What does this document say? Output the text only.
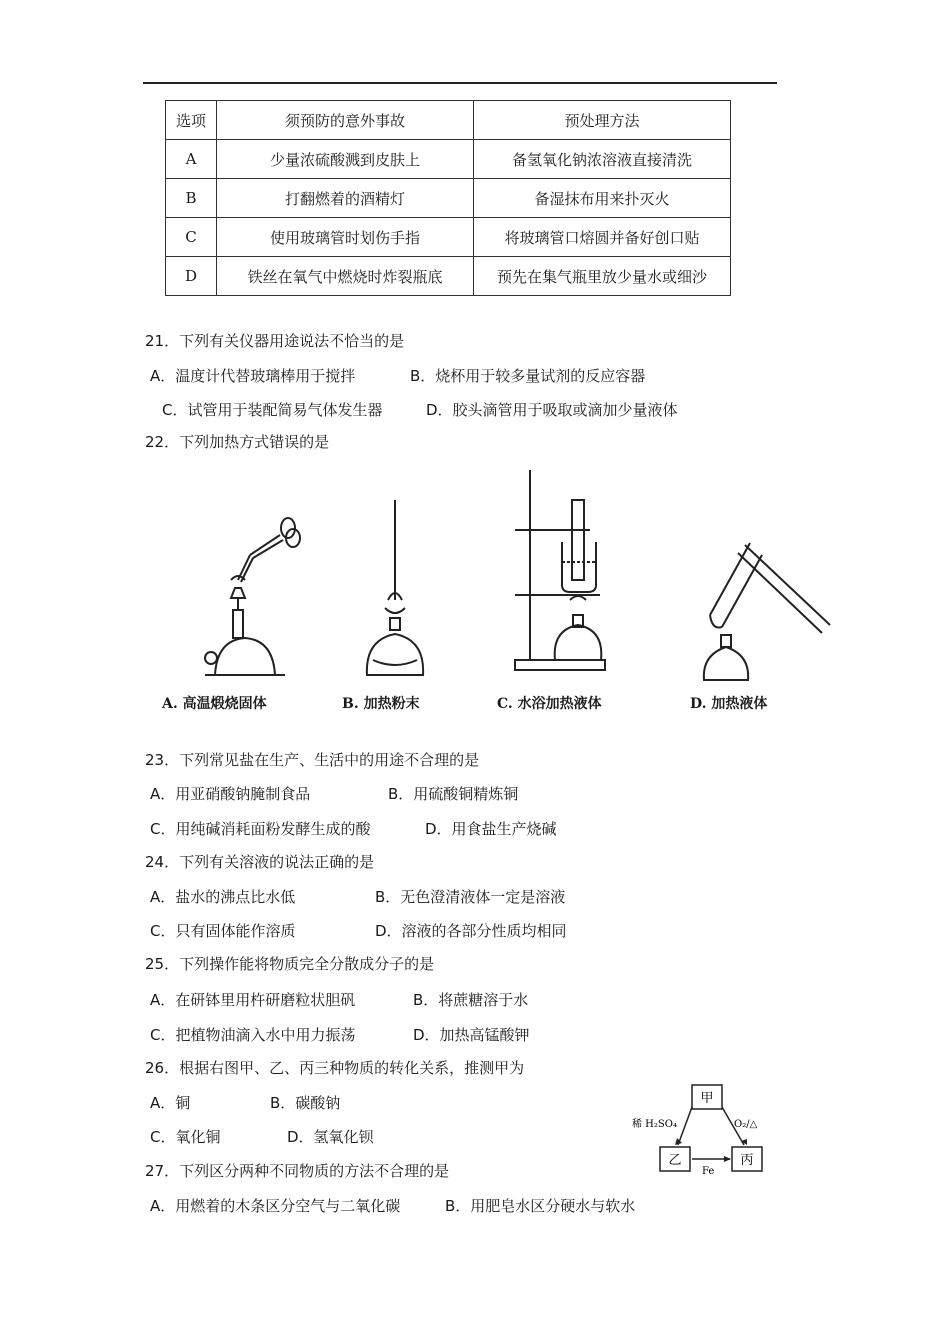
选项	须预防的意外事故	预处理方法
A	少量浓硫酸溅到皮肤上	备氢氧化钠浓溶液直接清洗
B	打翻燃着的酒精灯	备湿抹布用来扑灭火
C	使用玻璃管时划伤手指	将玻璃管口熔圆并备好创口贴
D	铁丝在氧气中燃烧时炸裂瓶底	预先在集气瓶里放少量水或细沙
21．下列有关仪器用途说法不恰当的是
A．温度计代替玻璃棒用于搅拌	B．烧杯用于较多量试剂的反应容器
C．试管用于装配简易气体发生器	D．胶头滴管用于吸取或滴加少量液体
22．下列加热方式错误的是
A. 高温煅烧固体	B. 加热粉末	C. 水浴加热液体	D. 加热液体
23．下列常见盐在生产、生活中的用途不合理的是
A．用亚硝酸钠腌制食品	B．用硫酸铜精炼铜
C．用纯碱消耗面粉发酵生成的酸	D．用食盐生产烧碱
24．下列有关溶液的说法正确的是
A．盐水的沸点比水低	B．无色澄清液体一定是溶液
C．只有固体能作溶质	D．溶液的各部分性质均相同
25．下列操作能将物质完全分散成分子的是
A．在研钵里用杵研磨粒状胆矾	B．将蔗糖溶于水
C．把植物油滴入水中用力振荡	D．加热高锰酸钾
26．根据右图甲、乙、丙三种物质的转化关系，推测甲为
A．铜	B．碳酸钠
C．氧化铜	D．氢氧化钡
甲
乙	丙
稀 H₂SO₄	O₂/△
Fe
27．下列区分两种不同物质的方法不合理的是
A．用燃着的木条区分空气与二氧化碳	B．用肥皂水区分硬水与软水
